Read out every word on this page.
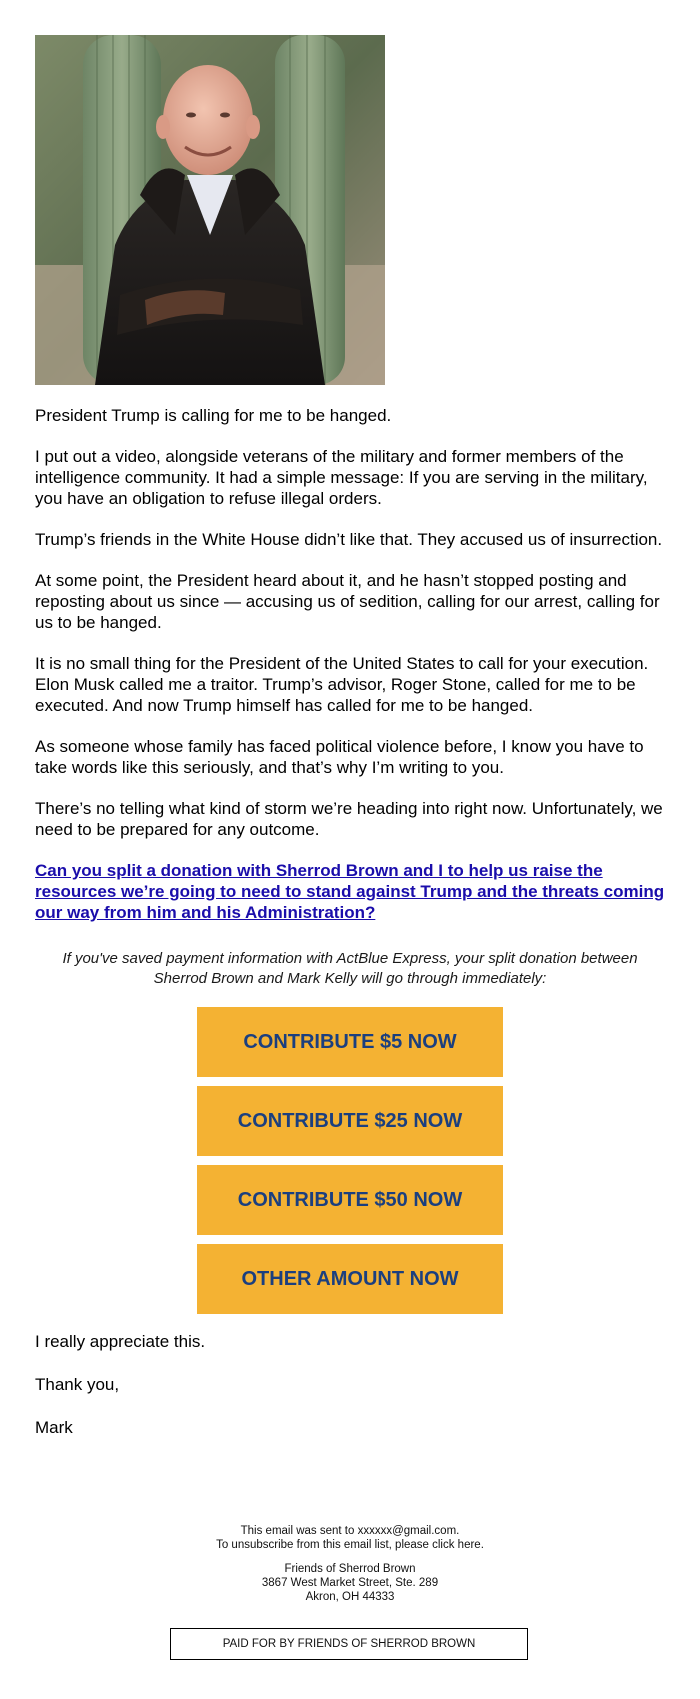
President Trump is calling for me to be hanged.

I put out a video, alongside veterans of the military and former members of the intelligence community. It had a simple message: If you are serving in the military, you have an obligation to refuse illegal orders.

Trump’s friends in the White House didn’t like that. They accused us of insurrection.

At some point, the President heard about it, and he hasn’t stopped posting and reposting about us since — accusing us of sedition, calling for our arrest, calling for us to be hanged.

It is no small thing for the President of the United States to call for your execution. Elon Musk called me a traitor. Trump’s advisor, Roger Stone, called for me to be executed. And now Trump himself has called for me to be hanged.

As someone whose family has faced political violence before, I know you have to take words like this seriously, and that’s why I’m writing to you.

There’s no telling what kind of storm we’re heading into right now. Unfortunately, we need to be prepared for any outcome.

Can you split a donation with Sherrod Brown and I to help us raise the resources we’re going to need to stand against Trump and the threats coming our way from him and his Administration?

If you've saved payment information with ActBlue Express, your split donation between Sherrod Brown and Mark Kelly will go through immediately:

CONTRIBUTE $5 NOW
CONTRIBUTE $25 NOW
CONTRIBUTE $50 NOW
OTHER AMOUNT NOW

I really appreciate this.

Thank you,

Mark

This email was sent to xxxxxx@gmail.com.
To unsubscribe from this email list, please click here.
Friends of Sherrod Brown
3867 West Market Street, Ste. 289
Akron, OH 44333
PAID FOR BY FRIENDS OF SHERROD BROWN
